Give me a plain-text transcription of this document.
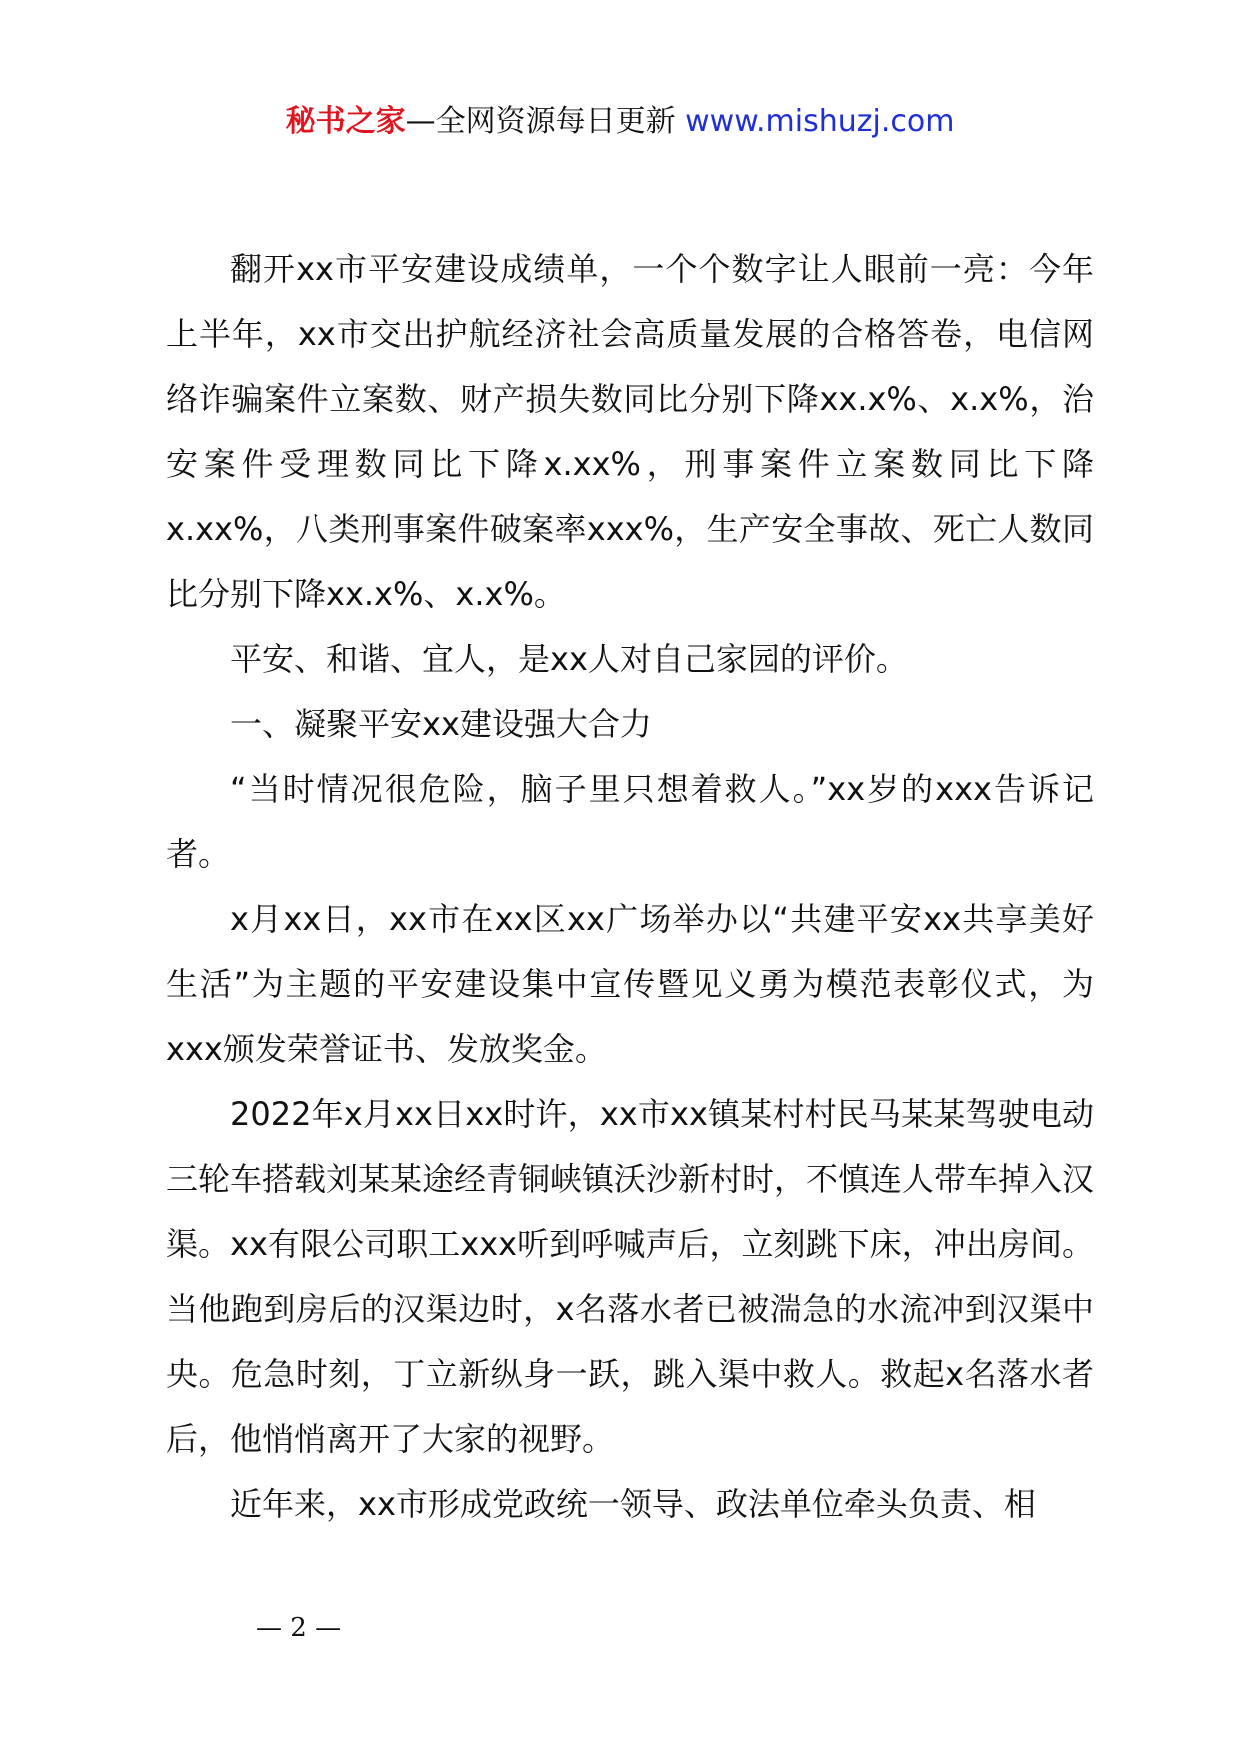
秘书之家—全网资源每日更新 www.mishuzj.com

翻开xx市平安建设成绩单，一个个数字让人眼前一亮：今年上半年，xx市交出护航经济社会高质量发展的合格答卷，电信网络诈骗案件立案数、财产损失数同比分别下降xx.x%、x.x%，治安案件受理数同比下降x.xx%，刑事案件立案数同比下降x.xx%，八类刑事案件破案率xxx%，生产安全事故、死亡人数同比分别下降xx.x%、x.x%。

平安、和谐、宜人，是xx人对自己家园的评价。

一、凝聚平安xx建设强大合力

“当时情况很危险，脑子里只想着救人。”xx岁的xxx告诉记者。

x月xx日，xx市在xx区xx广场举办以“共建平安xx共享美好生活”为主题的平安建设集中宣传暨见义勇为模范表彰仪式，为xxx颁发荣誉证书、发放奖金。

2022年x月xx日xx时许，xx市xx镇某村村民马某某驾驶电动三轮车搭载刘某某途经青铜峡镇沃沙新村时，不慎连人带车掉入汉渠。xx有限公司职工xxx听到呼喊声后，立刻跳下床，冲出房间。当他跑到房后的汉渠边时，x名落水者已被湍急的水流冲到汉渠中央。危急时刻，丁立新纵身一跃，跳入渠中救人。救起x名落水者后，他悄悄离开了大家的视野。

近年来，xx市形成党政统一领导、政法单位牵头负责、相

— 2 —
